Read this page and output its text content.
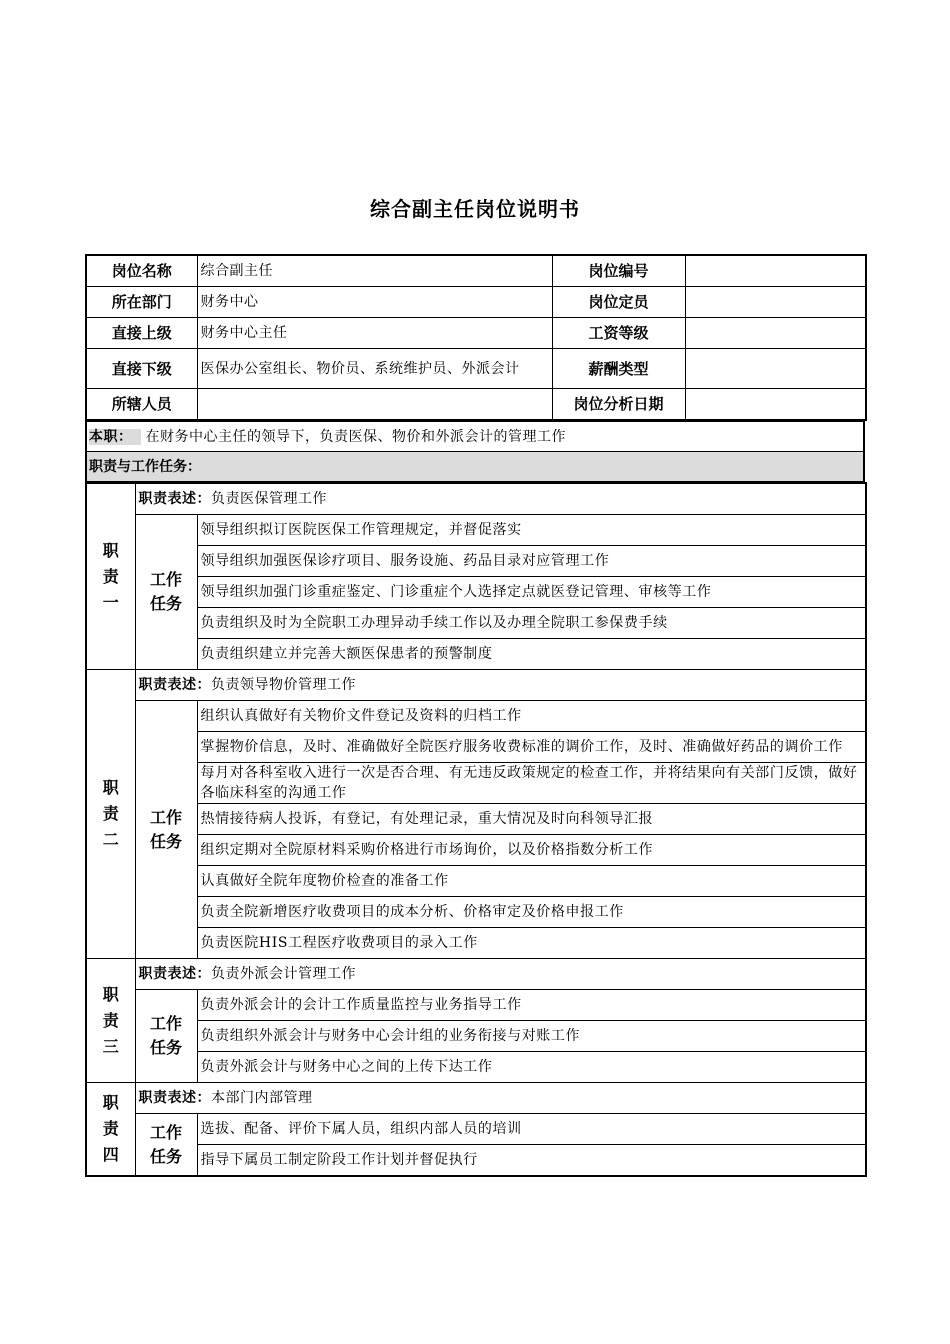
综合副主任岗位说明书
岗位名称	综合副主任	岗位编号	
所在部门	财务中心	岗位定员	
直接上级	财务中心主任	工资等级	
直接下级	医保办公室组长、物价员、系统维护员、外派会计	薪酬类型	
所辖人员		岗位分析日期	
本职： 在财务中心主任的领导下，负责医保、物价和外派会计的管理工作
职责与工作任务：
职责一	职责表述：负责医保管理工作	
	工作任务	领导组织拟订医院医保工作管理规定，并督促落实
		领导组织加强医保诊疗项目、服务设施、药品目录对应管理工作
		领导组织加强门诊重症鉴定、门诊重症个人选择定点就医登记管理、审核等工作
		负责组织及时为全院职工办理异动手续工作以及办理全院职工参保费手续
		负责组织建立并完善大额医保患者的预警制度
职责二	职责表述：负责领导物价管理工作	
	工作任务	组织认真做好有关物价文件登记及资料的归档工作
		掌握物价信息，及时、准确做好全院医疗服务收费标准的调价工作，及时、准确做好药品的调价工作
		每月对各科室收入进行一次是否合理、有无违反政策规定的检查工作，并将结果向有关部门反馈，做好各临床科室的沟通工作
		热情接待病人投诉，有登记，有处理记录，重大情况及时向科领导汇报
		组织定期对全院原材料采购价格进行市场询价，以及价格指数分析工作
		认真做好全院年度物价检查的准备工作
		负责全院新增医疗收费项目的成本分析、价格审定及价格申报工作
		负责医院HIS工程医疗收费项目的录入工作
职责三	职责表述：负责外派会计管理工作	
	工作任务	负责外派会计的会计工作质量监控与业务指导工作
		负责组织外派会计与财务中心会计组的业务衔接与对账工作
		负责外派会计与财务中心之间的上传下达工作
职责四	职责表述：本部门内部管理	
	工作任务	选拔、配备、评价下属人员，组织内部人员的培训
		指导下属员工制定阶段工作计划并督促执行
